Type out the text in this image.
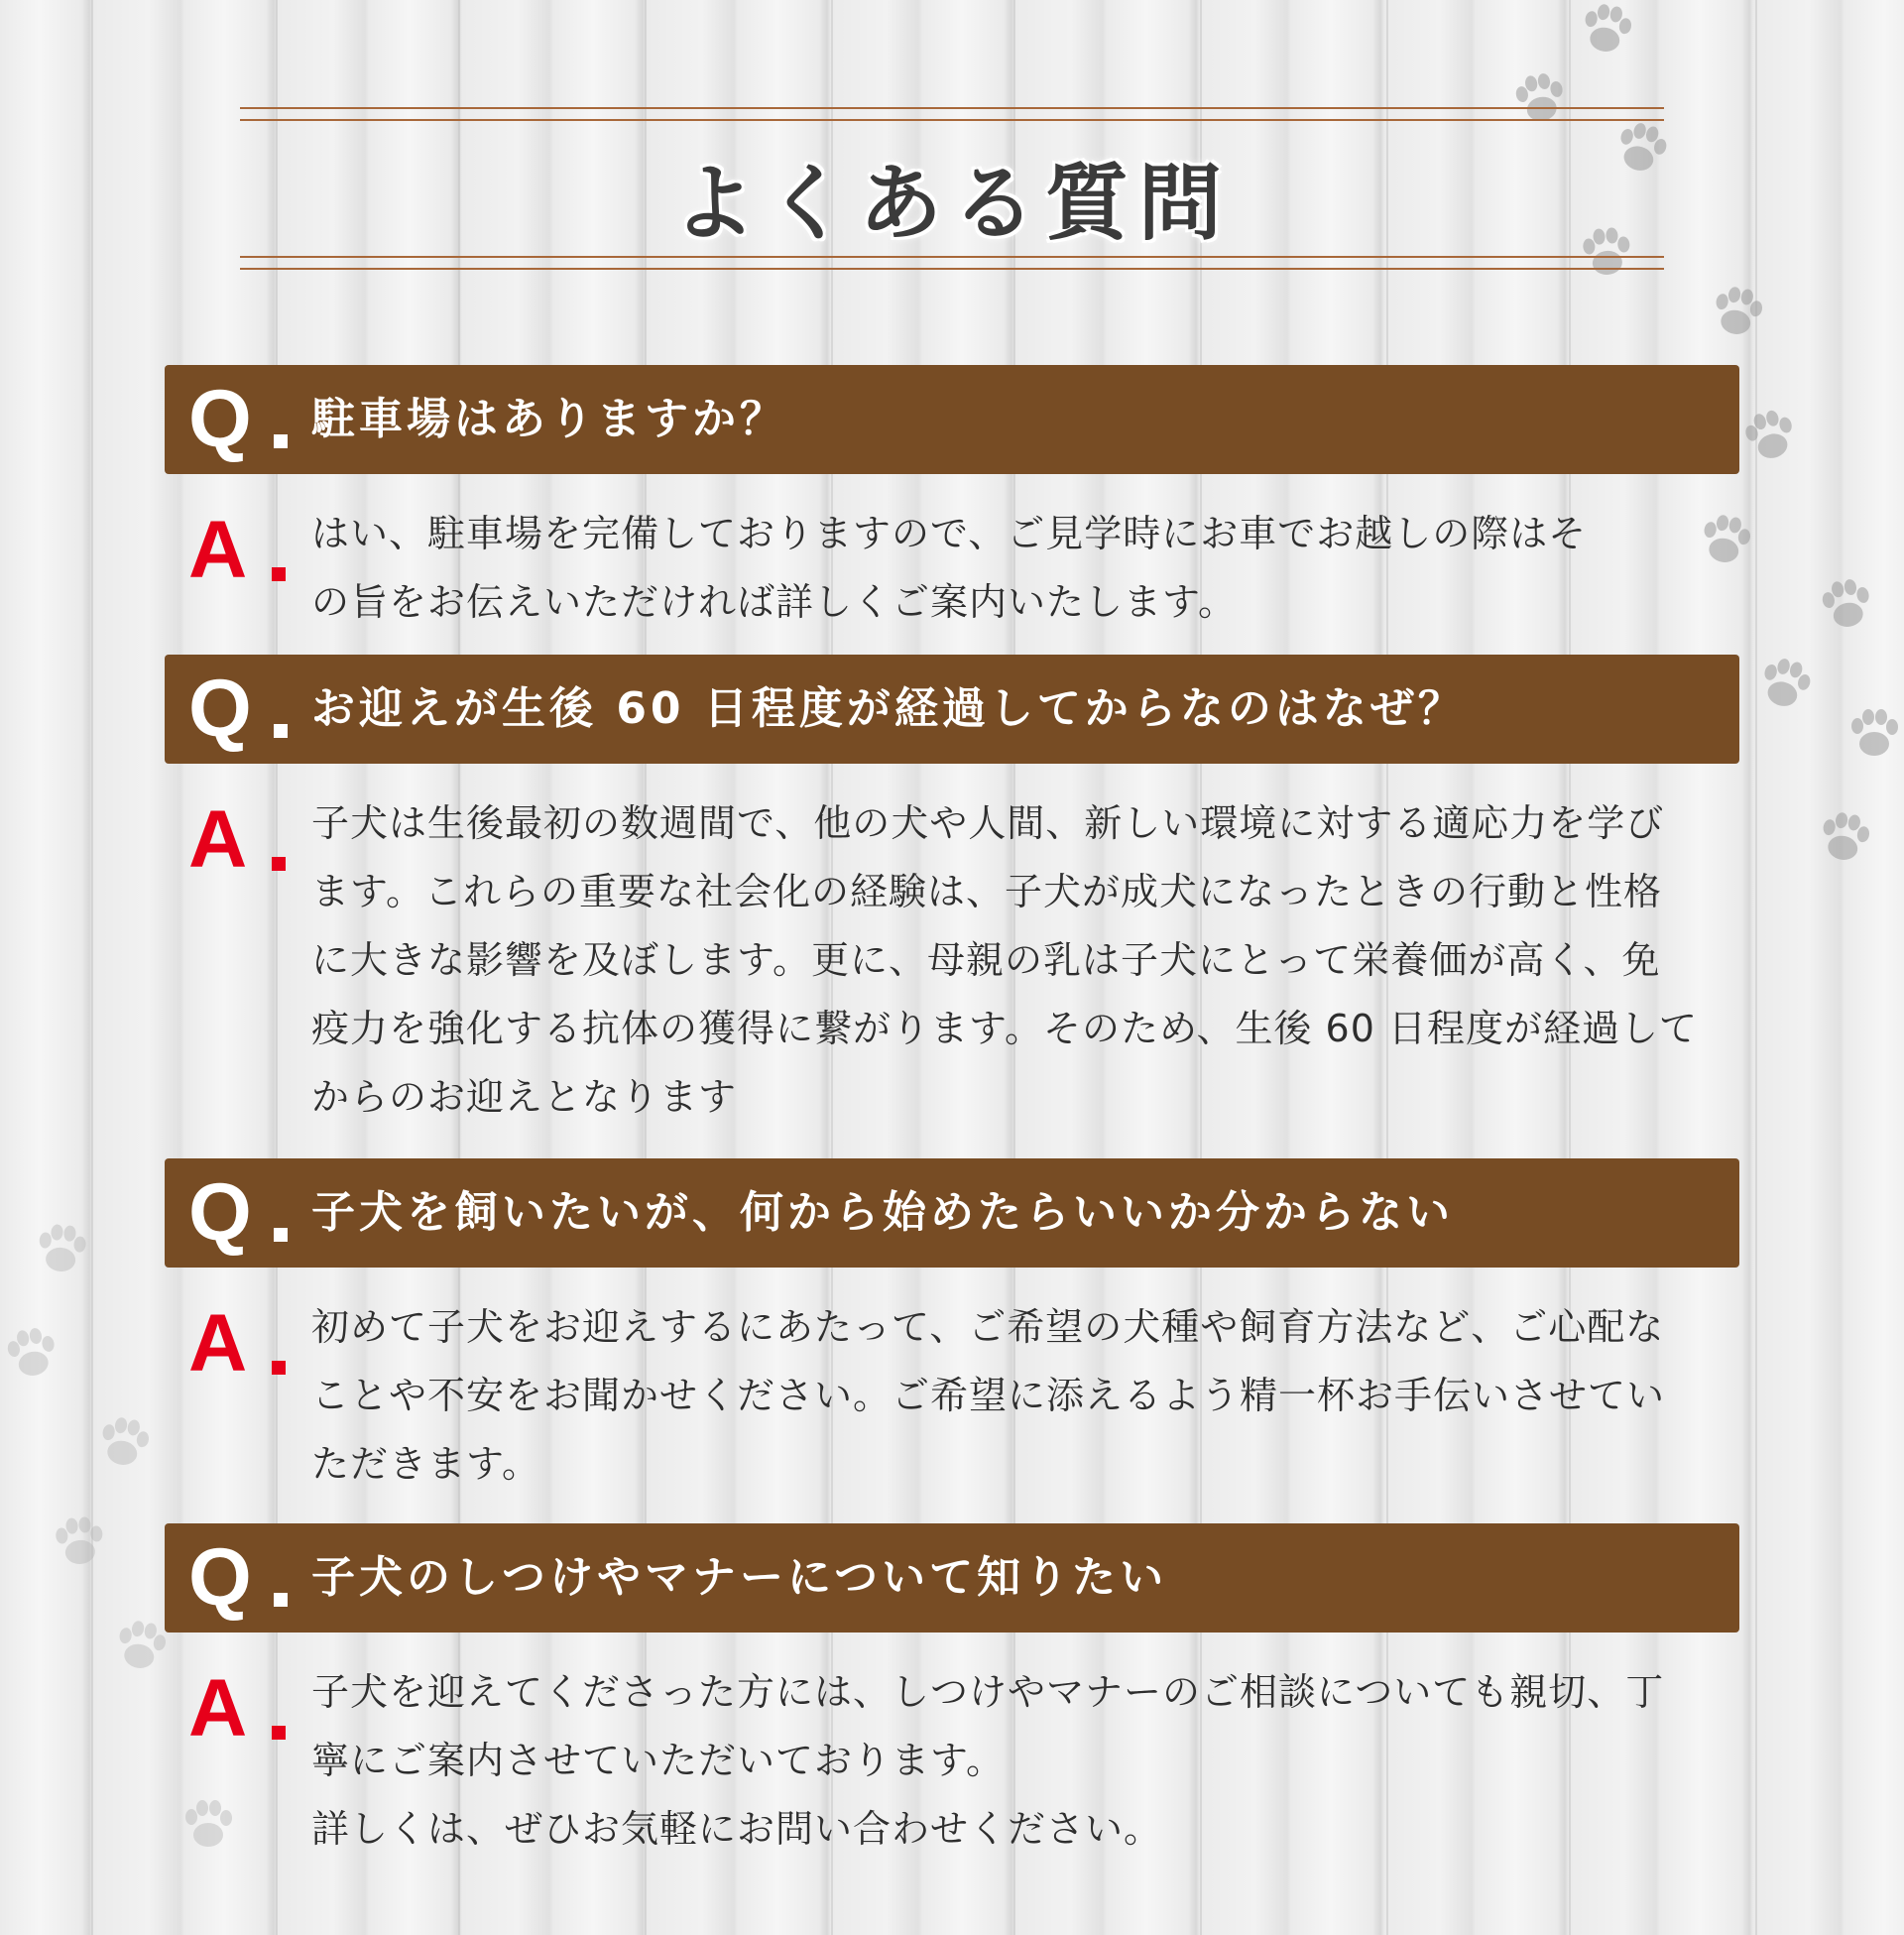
よくある質問
Q 駐車場はありますか？
A はい、駐車場を完備しておりますので、ご見学時にお車でお越しの際はそ
の旨をお伝えいただければ詳しくご案内いたします。
Q お迎えが生後 60 日程度が経過してからなのはなぜ？
A 子犬は生後最初の数週間で、他の犬や人間、新しい環境に対する適応力を学び
ます。これらの重要な社会化の経験は、子犬が成犬になったときの行動と性格
に大きな影響を及ぼします。更に、母親の乳は子犬にとって栄養価が高く、免
疫力を強化する抗体の獲得に繋がります。そのため、生後 60 日程度が経過して
からのお迎えとなります
Q 子犬を飼いたいが、何から始めたらいいか分からない
A 初めて子犬をお迎えするにあたって、ご希望の犬種や飼育方法など、ご心配な
ことや不安をお聞かせください。ご希望に添えるよう精一杯お手伝いさせてい
ただきます。
Q 子犬のしつけやマナーについて知りたい
A 子犬を迎えてくださった方には、しつけやマナーのご相談についても親切、丁
寧にご案内させていただいております。
詳しくは、ぜひお気軽にお問い合わせください。
